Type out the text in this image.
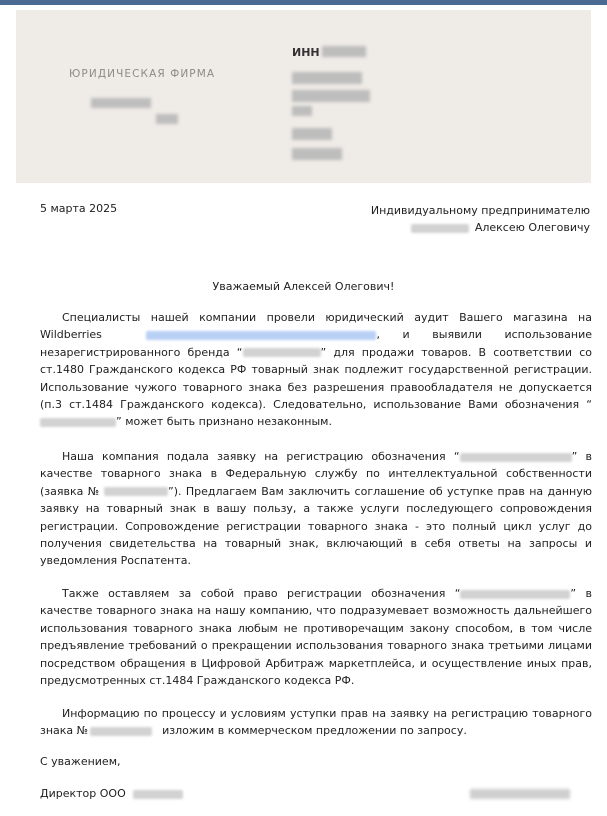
ЮРИДИЧЕСКАЯ ФИРМА
ИНН
5 марта 2025	Индивидуальному предпринимателю
Алексею Олеговичу
Уважаемый Алексей Олегович!

Специалисты нашей компании провели юридический аудит Вашего магазина на Wildberries	, и выявили использование незарегистрированного бренда “	” для продажи товаров. В соответствии со ст.1480 Гражданского кодекса РФ товарный знак подлежит государственной регистрации. Использование чужого товарного знака без разрешения правообладателя не допускается (п.3 ст.1484 Гражданского кодекса). Следовательно, использование Вами обозначения “” может быть признано незаконным.

Наша компания подала заявку на регистрацию обозначения “	” в качестве товарного знака в Федеральную службу по интеллектуальной собственности (заявка №	”). Предлагаем Вам заключить соглашение об уступке прав на данную заявку на товарный знак в вашу пользу, а также услуги последующего сопровождения регистрации. Сопровождение регистрации товарного знака - это полный цикл услуг до получения свидетельства на товарный знак, включающий в себя ответы на запросы и уведомления Роспатента.

Также оставляем за собой право регистрации обозначения “	” в качестве товарного знака на нашу компанию, что подразумевает возможность дальнейшего использования товарного знака любым не противоречащим закону способом, в том числе предъявление требований о прекращении использования товарного знака третьими лицами посредством обращения в Цифровой Арбитраж маркетплейса, и осуществление иных прав, предусмотренных ст.1484 Гражданского кодекса РФ.

Информацию по процессу и условиям уступки прав на заявку на регистрацию товарного знака №	изложим в коммерческом предложении по запросу.

С уважением,
Директор ООО
